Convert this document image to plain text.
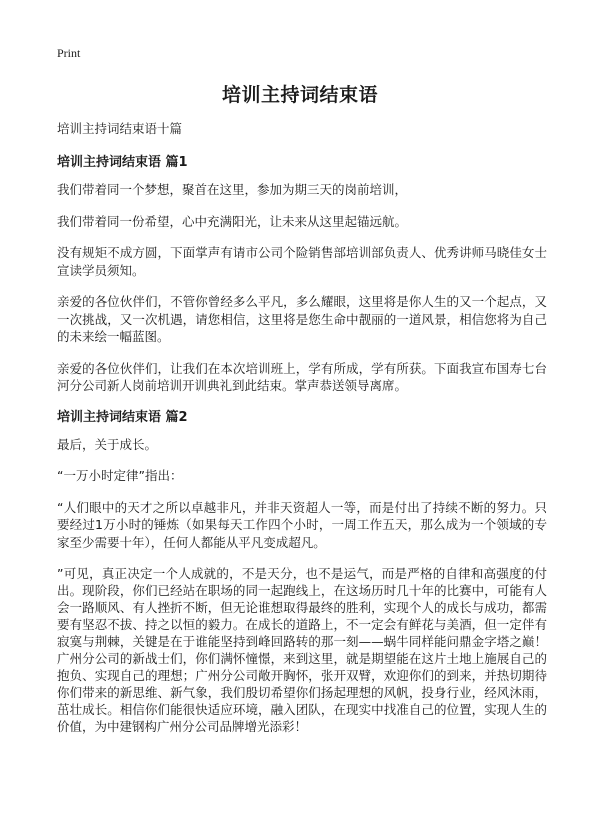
Print
培训主持词结束语

培训主持词结束语十篇

培训主持词结束语 篇1

我们带着同一个梦想，聚首在这里，参加为期三天的岗前培训，

我们带着同一份希望，心中充满阳光，让未来从这里起锚远航。

没有规矩不成方圆，下面掌声有请市公司个险销售部培训部负责人、优秀讲师马晓佳女士宣读学员须知。

亲爱的各位伙伴们，不管你曾经多么平凡，多么耀眼，这里将是你人生的又一个起点，又一次挑战，又一次机遇，请您相信，这里将是您生命中靓丽的一道风景，相信您将为自己的未来绘一幅蓝图。

亲爱的各位伙伴们，让我们在本次培训班上，学有所成，学有所获。下面我宣布国寿七台河分公司新人岗前培训开训典礼到此结束。掌声恭送领导离席。

培训主持词结束语 篇2

最后，关于成长。

“一万小时定律”指出：

“人们眼中的天才之所以卓越非凡，并非天资超人一等，而是付出了持续不断的努力。只要经过1万小时的锤炼（如果每天工作四个小时，一周工作五天，那么成为一个领域的专家至少需要十年），任何人都能从平凡变成超凡。

”可见，真正决定一个人成就的，不是天分，也不是运气，而是严格的自律和高强度的付出。现阶段，你们已经站在职场的同一起跑线上，在这场历时几十年的比赛中，可能有人会一路顺风、有人挫折不断，但无论谁想取得最终的胜利，实现个人的成长与成功，都需要有坚忍不拔、持之以恒的毅力。在成长的道路上，不一定会有鲜花与美酒，但一定伴有寂寞与荆棘，关键是在于谁能坚持到峰回路转的那一刻——蜗牛同样能问鼎金字塔之巅！广州分公司的新战士们，你们满怀憧憬，来到这里，就是期望能在这片土地上施展自己的抱负、实现自己的理想；广州分公司敞开胸怀，张开双臂，欢迎你们的到来，并热切期待你们带来的新思维、新气象，我们殷切希望你们扬起理想的风帆，投身行业，经风沐雨，茁壮成长。相信你们能很快适应环境，融入团队，在现实中找准自己的位置，实现人生的价值，为中建钢构广州分公司品牌增光添彩！
